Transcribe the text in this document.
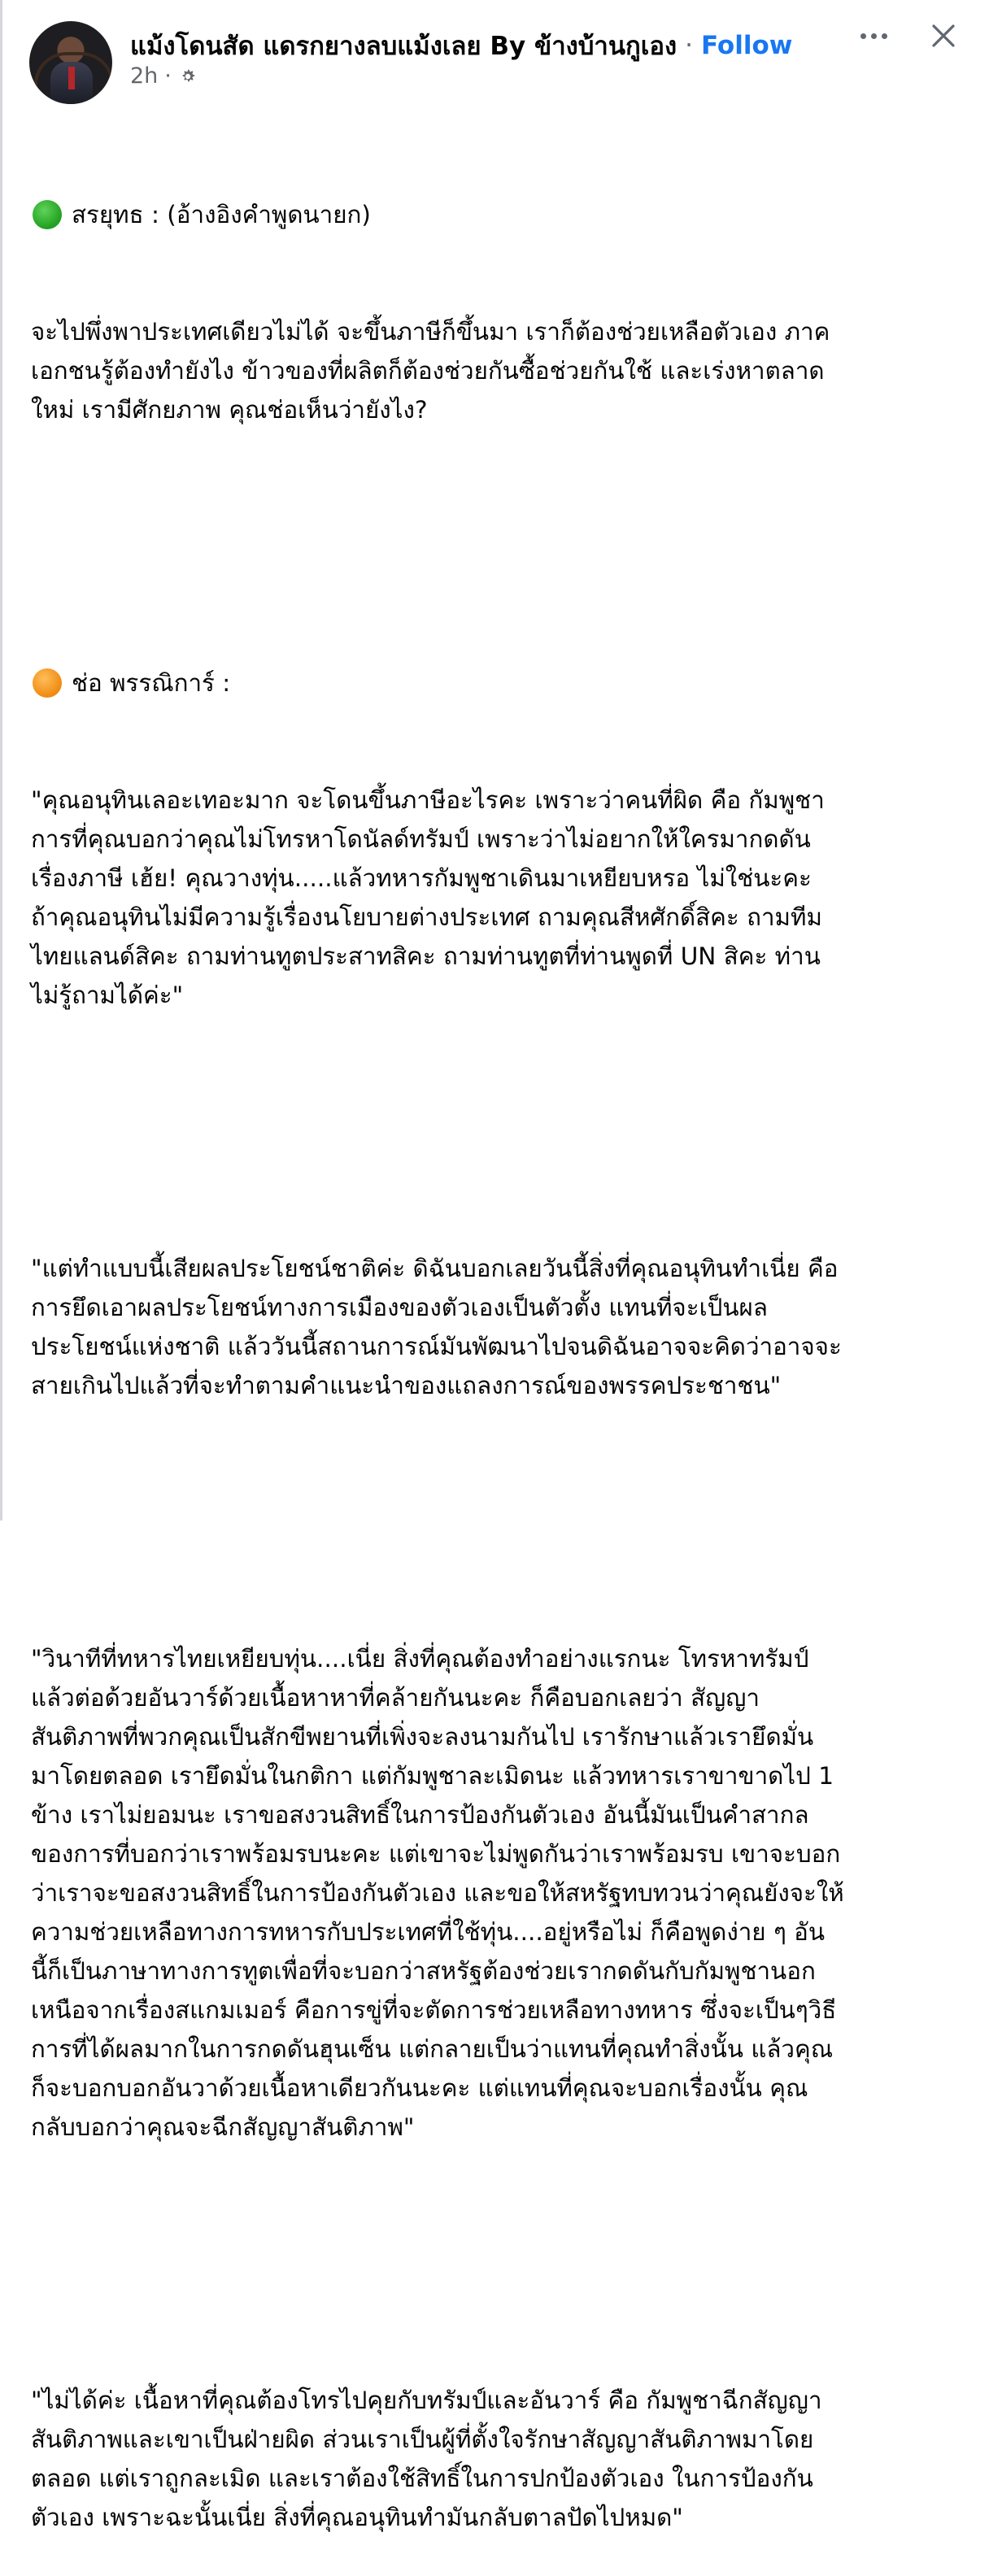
แม้งโดนสัด แดรกยางลบแม้งเลย By ข้างบ้านกูเอง · Follow
2h ·

สรยุทธ : (อ้างอิงคำพูดนายก)

จะไปพึ่งพาประเทศเดียวไม่ได้ จะขึ้นภาษีก็ขึ้นมา เราก็ต้องช่วยเหลือตัวเอง ภาค
เอกชนรู้ต้องทำยังไง ข้าวของที่ผลิตก็ต้องช่วยกันซื้อช่วยกันใช้ และเร่งหาตลาด
ใหม่ เรามีศักยภาพ คุณช่อเห็นว่ายังไง?

ช่อ พรรณิการ์ :

"คุณอนุทินเลอะเทอะมาก จะโดนขึ้นภาษีอะไรคะ เพราะว่าคนที่ผิด คือ กัมพูชา
การที่คุณบอกว่าคุณไม่โทรหาโดนัลด์ทรัมป์ เพราะว่าไม่อยากให้ใครมากดดัน
เรื่องภาษี เฮ้ย! คุณวางทุ่น.....แล้วทหารกัมพูชาเดินมาเหยียบหรอ ไม่ใช่นะคะ
ถ้าคุณอนุทินไม่มีความรู้เรื่องนโยบายต่างประเทศ ถามคุณสีหศักดิ์สิคะ ถามทีม
ไทยแลนด์สิคะ ถามท่านทูตประสาทสิคะ ถามท่านทูตที่ท่านพูดที่ UN สิคะ ท่าน
ไม่รู้ถามได้ค่ะ"

"แต่ทำแบบนี้เสียผลประโยชน์ชาติค่ะ ดิฉันบอกเลยวันนี้สิ่งที่คุณอนุทินทำเนี่ย คือ
การยึดเอาผลประโยชน์ทางการเมืองของตัวเองเป็นตัวตั้ง แทนที่จะเป็นผล
ประโยชน์แห่งชาติ แล้ววันนี้สถานการณ์มันพัฒนาไปจนดิฉันอาจจะคิดว่าอาจจะ
สายเกินไปแล้วที่จะทำตามคำแนะนำของแถลงการณ์ของพรรคประชาชน"

"วินาทีที่ทหารไทยเหยียบทุ่น....เนี่ย สิ่งที่คุณต้องทำอย่างแรกนะ โทรหาทรัมป์
แล้วต่อด้วยอันวาร์ด้วยเนื้อหาหาที่คล้ายกันนะคะ ก็คือบอกเลยว่า สัญญา
สันติภาพที่พวกคุณเป็นสักขีพยานที่เพิ่งจะลงนามกันไป เรารักษาแล้วเรายึดมั่น
มาโดยตลอด เรายึดมั่นในกติกา แต่กัมพูชาละเมิดนะ แล้วทหารเราขาขาดไป 1
ข้าง เราไม่ยอมนะ เราขอสงวนสิทธิ์ในการป้องกันตัวเอง อันนี้มันเป็นคำสากล
ของการที่บอกว่าเราพร้อมรบนะคะ แต่เขาจะไม่พูดกันว่าเราพร้อมรบ เขาจะบอก
ว่าเราจะขอสงวนสิทธิ์ในการป้องกันตัวเอง และขอให้สหรัฐทบทวนว่าคุณยังจะให้
ความช่วยเหลือทางการทหารกับประเทศที่ใช้ทุ่น....อยู่หรือไม่ ก็คือพูดง่าย ๆ อัน
นี้ก็เป็นภาษาทางการทูตเพื่อที่จะบอกว่าสหรัฐต้องช่วยเรากดดันกับกัมพูชานอก
เหนือจากเรื่องสแกมเมอร์ คือการขู่ที่จะตัดการช่วยเหลือทางทหาร ซึ่งจะเป็นๆวิธี
การที่ได้ผลมากในการกดดันฮุนเซ็น แต่กลายเป็นว่าแทนที่คุณทำสิ่งนั้น แล้วคุณ
ก็จะบอกบอกอันวาด้วยเนื้อหาเดียวกันนะคะ แต่แทนที่คุณจะบอกเรื่องนั้น คุณ
กลับบอกว่าคุณจะฉีกสัญญาสันติภาพ"

"ไม่ได้ค่ะ เนื้อหาที่คุณต้องโทรไปคุยกับทรัมป์และอันวาร์ คือ กัมพูชาฉีกสัญญา
สันติภาพและเขาเป็นฝ่ายผิด ส่วนเราเป็นผู้ที่ตั้งใจรักษาสัญญาสันติภาพมาโดย
ตลอด แต่เราถูกละเมิด และเราต้องใช้สิทธิ์ในการปกป้องตัวเอง ในการป้องกัน
ตัวเอง เพราะฉะนั้นเนี่ย สิ่งที่คุณอนุทินทำมันกลับตาลปัดไปหมด"
